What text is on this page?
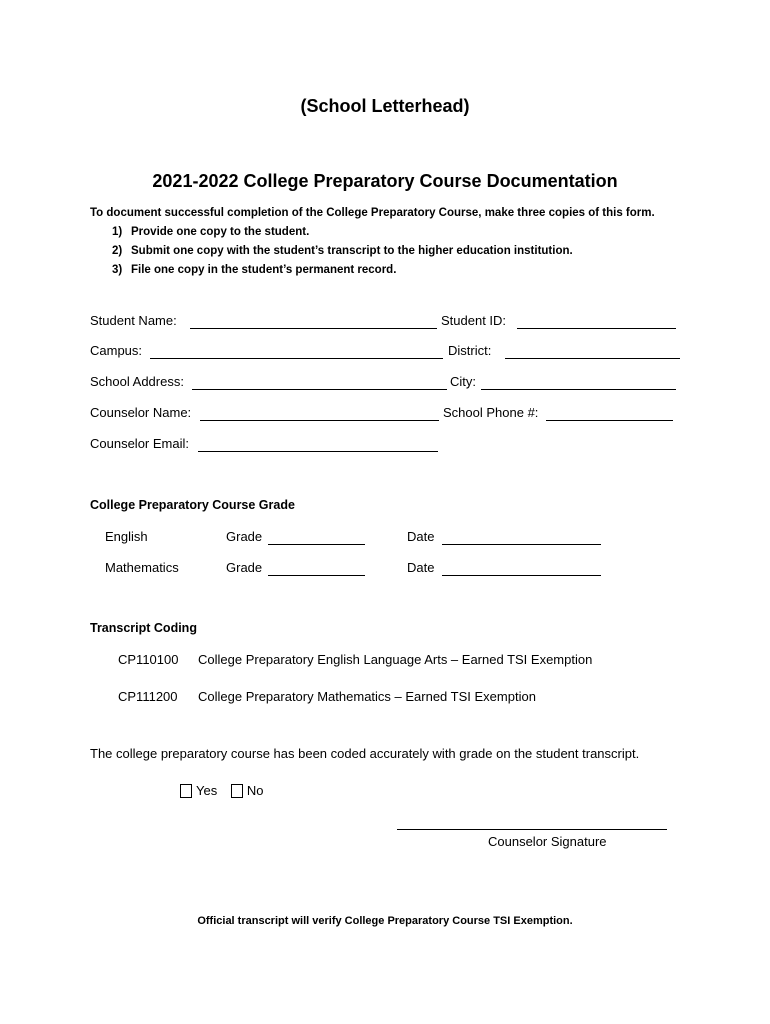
(School Letterhead)
2021-2022 College Preparatory Course Documentation
To document successful completion of the College Preparatory Course, make three copies of this form.
1) Provide one copy to the student.
2) Submit one copy with the student’s transcript to the higher education institution.
3) File one copy in the student’s permanent record.
Student Name:	Student ID:
Campus:	District:
School Address:	City:
Counselor Name:	School Phone #:
Counselor Email:
College Preparatory Course Grade
English	Grade	Date
Mathematics	Grade	Date
Transcript Coding
CP110100 College Preparatory English Language Arts – Earned TSI Exemption
CP111200 College Preparatory Mathematics – Earned TSI Exemption
The college preparatory course has been coded accurately with grade on the student transcript.
Yes
No
Counselor Signature
Official transcript will verify College Preparatory Course TSI Exemption.
